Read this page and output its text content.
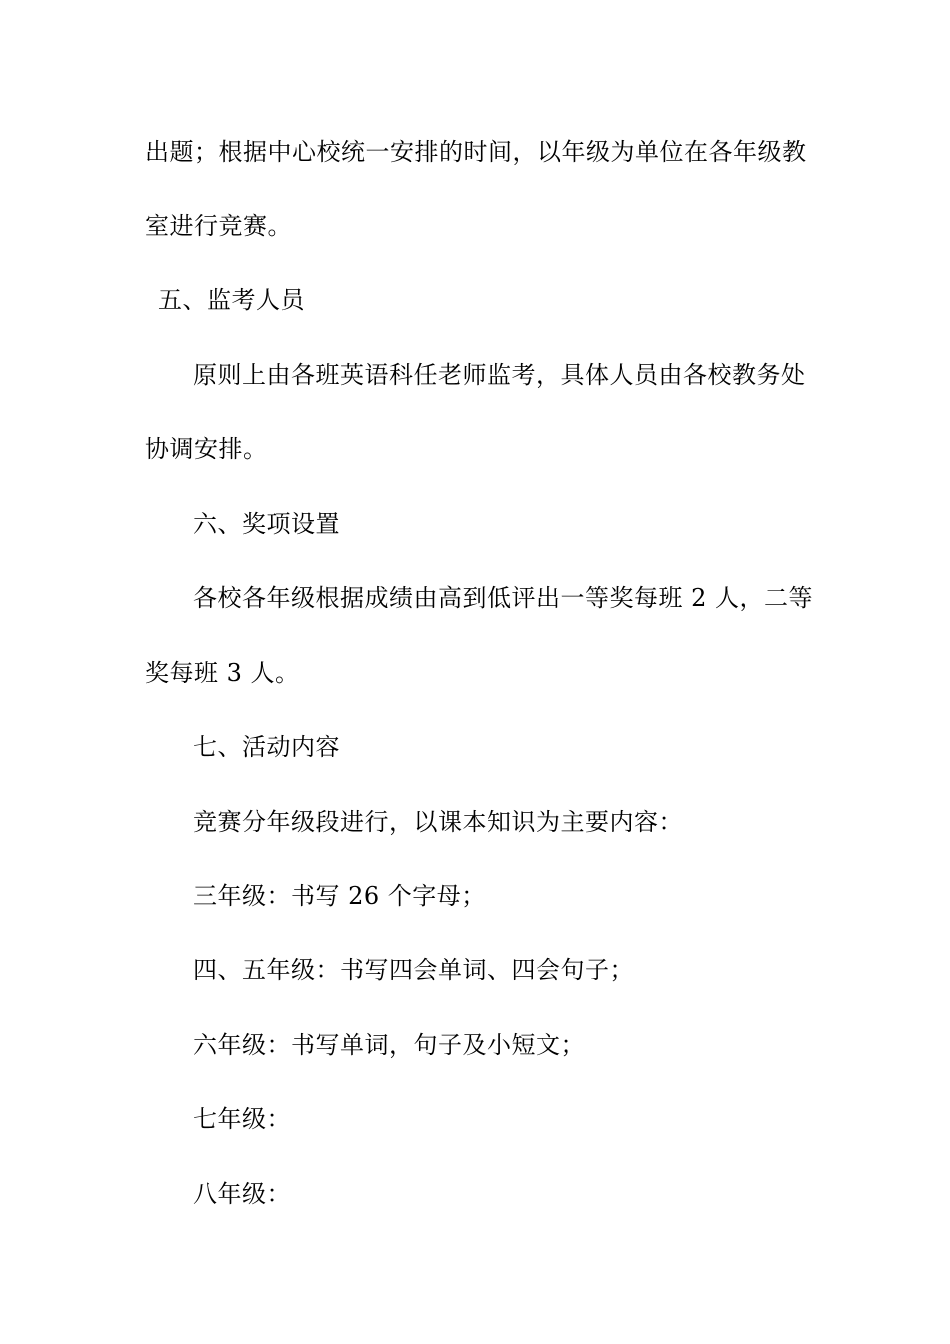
出题；根据中心校统一安排的时间，以年级为单位在各年级教
室进行竞赛。
五、监考人员
原则上由各班英语科任老师监考，具体人员由各校教务处
协调安排。
六、奖项设置
各校各年级根据成绩由高到低评出一等奖每班 2 人，二等
奖每班 3 人。
七、活动内容
竞赛分年级段进行，以课本知识为主要内容：
三年级：书写 26 个字母；
四、五年级：书写四会单词、四会句子；
六年级：书写单词，句子及小短文；
七年级：
八年级：
